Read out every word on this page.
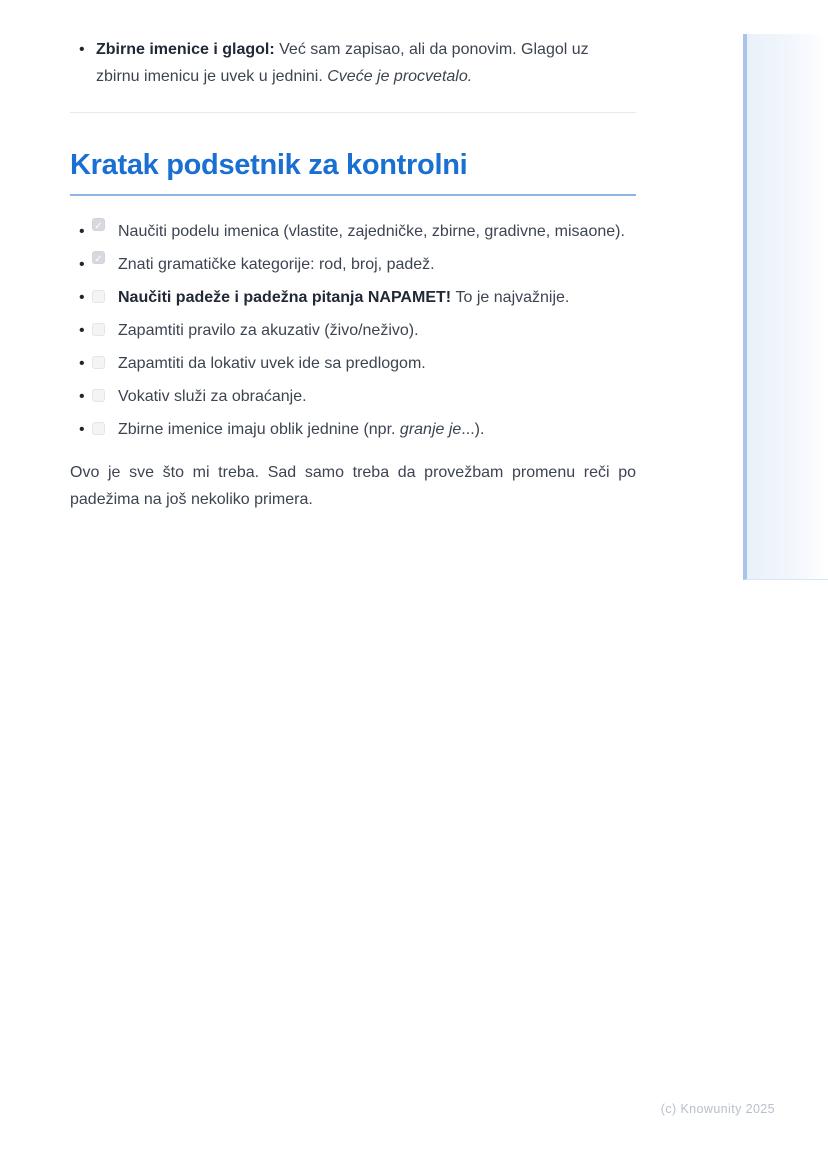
• Zbirne imenice i glagol: Već sam zapisao, ali da ponovim. Glagol uz zbirnu imenicu je uvek u jednini. Cveće je procvetalo.
Kratak podsetnik za kontrolni
• ✓ Naučiti podelu imenica (vlastite, zajedničke, zbirne, gradivne, misaone).
• ✓ Znati gramatičke kategorije: rod, broj, padež.
• Naučiti padeže i padežna pitanja NAPAMET! To je najvažnije.
• Zapamtiti pravilo za akuzativ (živo/neživo).
• Zapamtiti da lokativ uvek ide sa predlogom.
• Vokativ služi za obraćanje.
• Zbirne imenice imaju oblik jednine (npr. granje je...).

Ovo je sve što mi treba. Sad samo treba da provežbam promenu reči po padežima na još nekoliko primera.

(c) Knowunity 2025
